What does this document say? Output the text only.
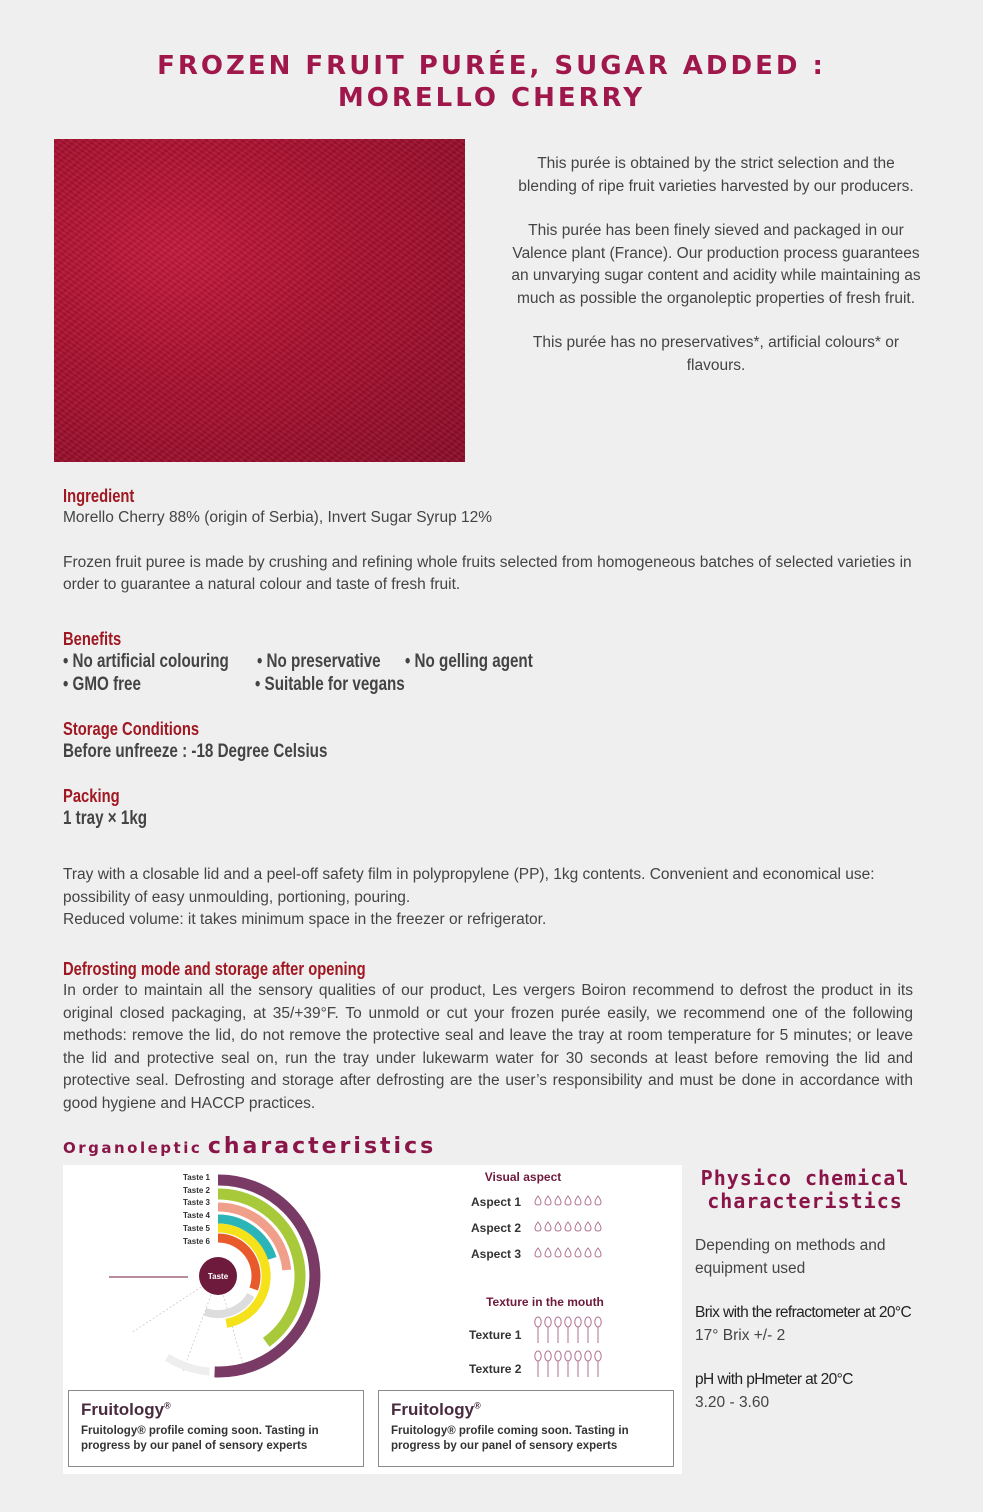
FROZEN FRUIT PURÉE, SUGAR ADDED :
MORELLO CHERRY

This purée is obtained by the strict selection and the blending of ripe fruit varieties harvested by our producers.

This purée has been finely sieved and packaged in our Valence plant (France). Our production process guarantees an unvarying sugar content and acidity while maintaining as much as possible the organoleptic properties of fresh fruit.

This purée has no preservatives*, artificial colours* or flavours.

Ingredient
Morello Cherry 88% (origin of Serbia), Invert Sugar Syrup 12%
Frozen fruit puree is made by crushing and refining whole fruits selected from homogeneous batches of selected varieties in order to guarantee a natural colour and taste of fresh fruit.
Benefits
• No artificial colouring • No preservative • No gelling agent
• GMO free	• Suitable for vegans
Storage Conditions
Before unfreeze : -18 Degree Celsius
Packing
1 tray × 1kg
Tray with a closable lid and a peel-off safety film in polypropylene (PP), 1kg contents. Convenient and economical use: possibility of easy unmoulding, portioning, pouring.
Reduced volume: it takes minimum space in the freezer or refrigerator.
Defrosting mode and storage after opening
In order to maintain all the sensory qualities of our product, Les vergers Boiron recommend to defrost the product in its original closed packaging, at 35/+39°F. To unmold or cut your frozen purée easily, we recommend one of the following methods: remove the lid, do not remove the protective seal and leave the tray at room temperature for 5 minutes; or leave the lid and protective seal on, run the tray under lukewarm water for 30 seconds at least before removing the lid and protective seal. Defrosting and storage after defrosting are the user’s responsibility and must be done in accordance with good hygiene and HACCP practices.
Organoleptic characteristics
Taste 1
Taste 2
Taste 3
Taste 4
Taste 5
Taste 6
Visual aspect
Aspect 1
Aspect 2
Aspect 3
Texture in the mouth
Texture 1
Texture 2
Taste
Fruitology®
Fruitology® profile coming soon. Tasting in progress by our panel of sensory experts
Fruitology®
Fruitology® profile coming soon. Tasting in progress by our panel of sensory experts
Physico chemical characteristics
Depending on methods and equipment used
Brix with the refractometer at 20°C
17° Brix +/- 2
pH with pHmeter at 20°C
3.20 - 3.60
